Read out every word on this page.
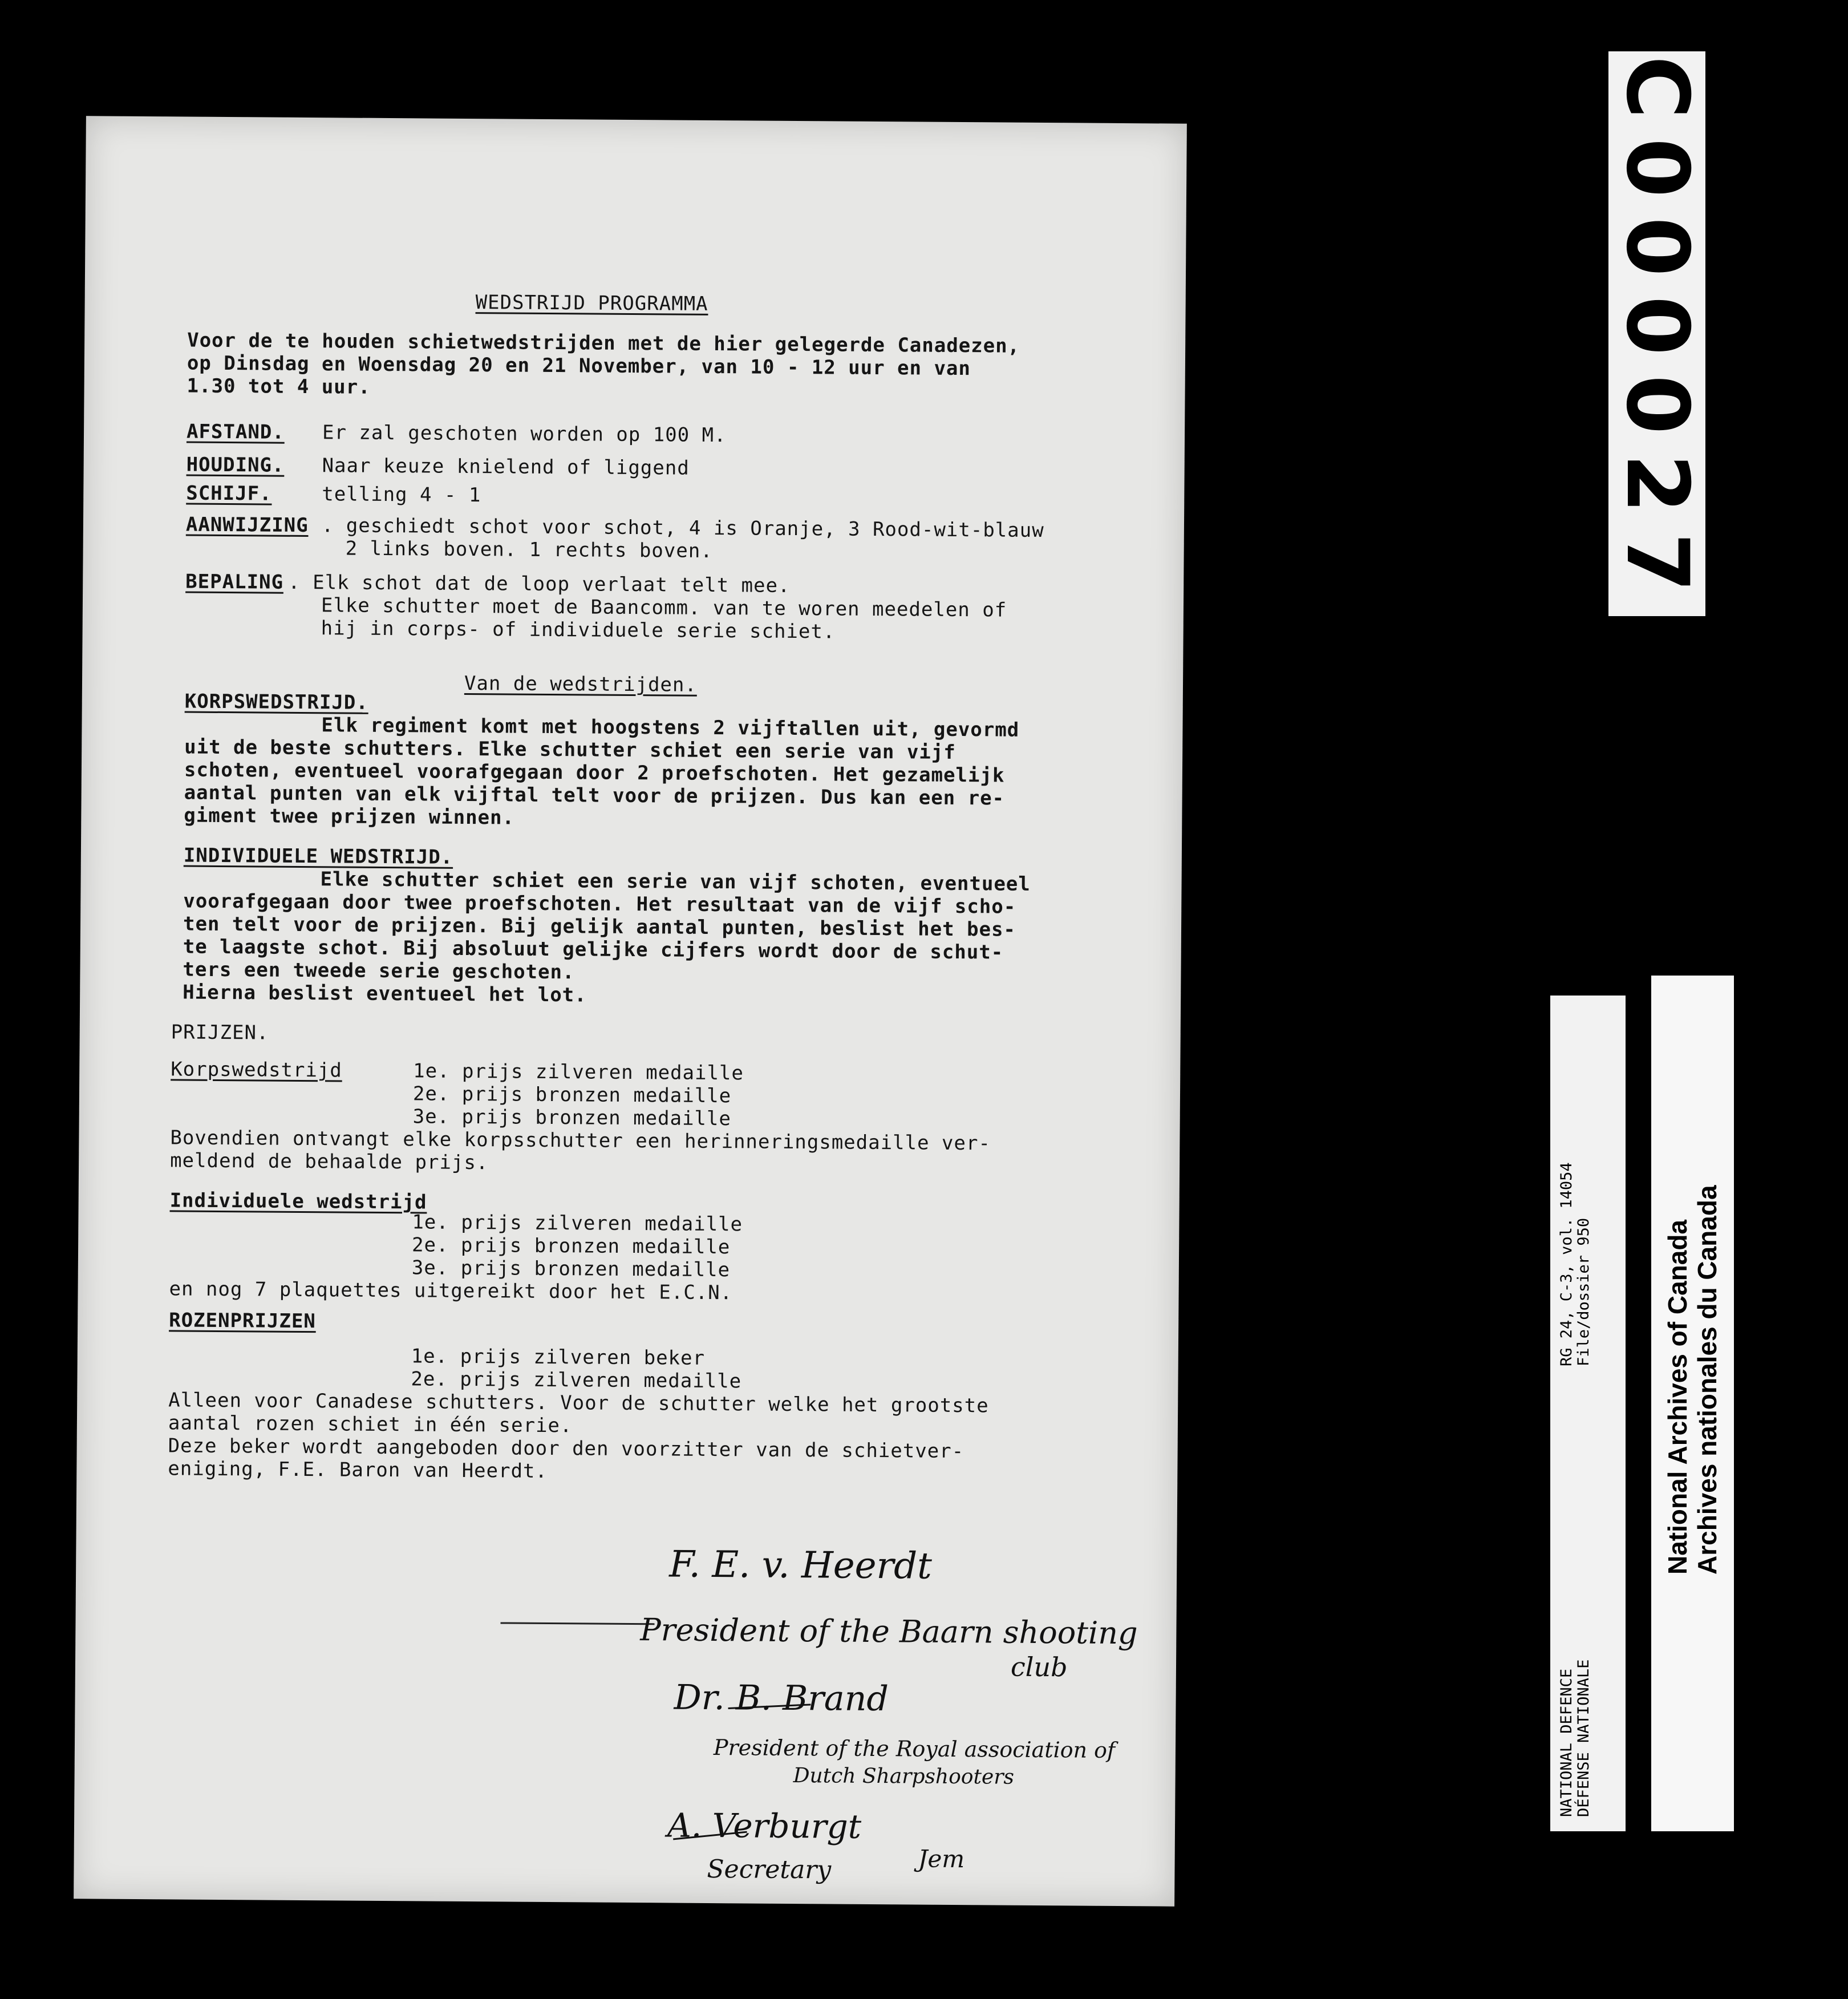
WEDSTRIJD PROGRAMMA
Voor de te houden schietwedstrijden met de hier gelegerde Canadezen,
op Dinsdag en Woensdag 20 en 21 November, van 10 - 12 uur en van
1.30 tot 4 uur.
AFSTAND. Er zal geschoten worden op 100 M.
HOUDING. Naar keuze knielend of liggend
SCHIJF.	telling 4 - 1
AANWIJZING . geschiedt schot voor schot, 4 is Oranje, 3 Rood-wit-blauw
2 links boven. 1 rechts boven.
BEPALING . Elk schot dat de loop verlaat telt mee.
Elke schutter moet de Baancomm. van te woren meedelen of
hij in corps- of individuele serie schiet.
Van de wedstrijden.
KORPSWEDSTRIJD.
Elk regiment komt met hoogstens 2 vijftallen uit, gevormd
uit de beste schutters. Elke schutter schiet een serie van vijf
schoten, eventueel voorafgegaan door 2 proefschoten. Het gezamelijk
aantal punten van elk vijftal telt voor de prijzen. Dus kan een re-
giment twee prijzen winnen.
INDIVIDUELE WEDSTRIJD.
Elke schutter schiet een serie van vijf schoten, eventueel
voorafgegaan door twee proefschoten. Het resultaat van de vijf scho-
ten telt voor de prijzen. Bij gelijk aantal punten, beslist het bes-
te laagste schot. Bij absoluut gelijke cijfers wordt door de schut-
ters een tweede serie geschoten.
Hierna beslist eventueel het lot.
PRIJZEN.
Korpswedstrijd	1e. prijs zilveren medaille
2e. prijs bronzen medaille
3e. prijs bronzen medaille
Bovendien ontvangt elke korpsschutter een herinneringsmedaille ver-
meldend de behaalde prijs.
Individuele wedstrijd
1e. prijs zilveren medaille
2e. prijs bronzen medaille
3e. prijs bronzen medaille
en nog 7 plaquettes uitgereikt door het E.C.N.
ROZENPRIJZEN
1e. prijs zilveren beker
2e. prijs zilveren medaille
Alleen voor Canadese schutters. Voor de schutter welke het grootste
aantal rozen schiet in één serie.
Deze beker wordt aangeboden door den voorzitter van de schietver-
eniging, F.E. Baron van Heerdt.
F. E. v. Heerdt
President of the Baarn shooting
club
Dr. B. Brand
President of the Royal association of
Dutch Sharpshooters
A. Verburgt
Secretary	Jem
C000027
NATIONAL DEFENCE DÉFENSE NATIONALE
RG 24, C-3, vol. 14054 File/dossier 950	National Archives of Canada Archives nationales du Canada
